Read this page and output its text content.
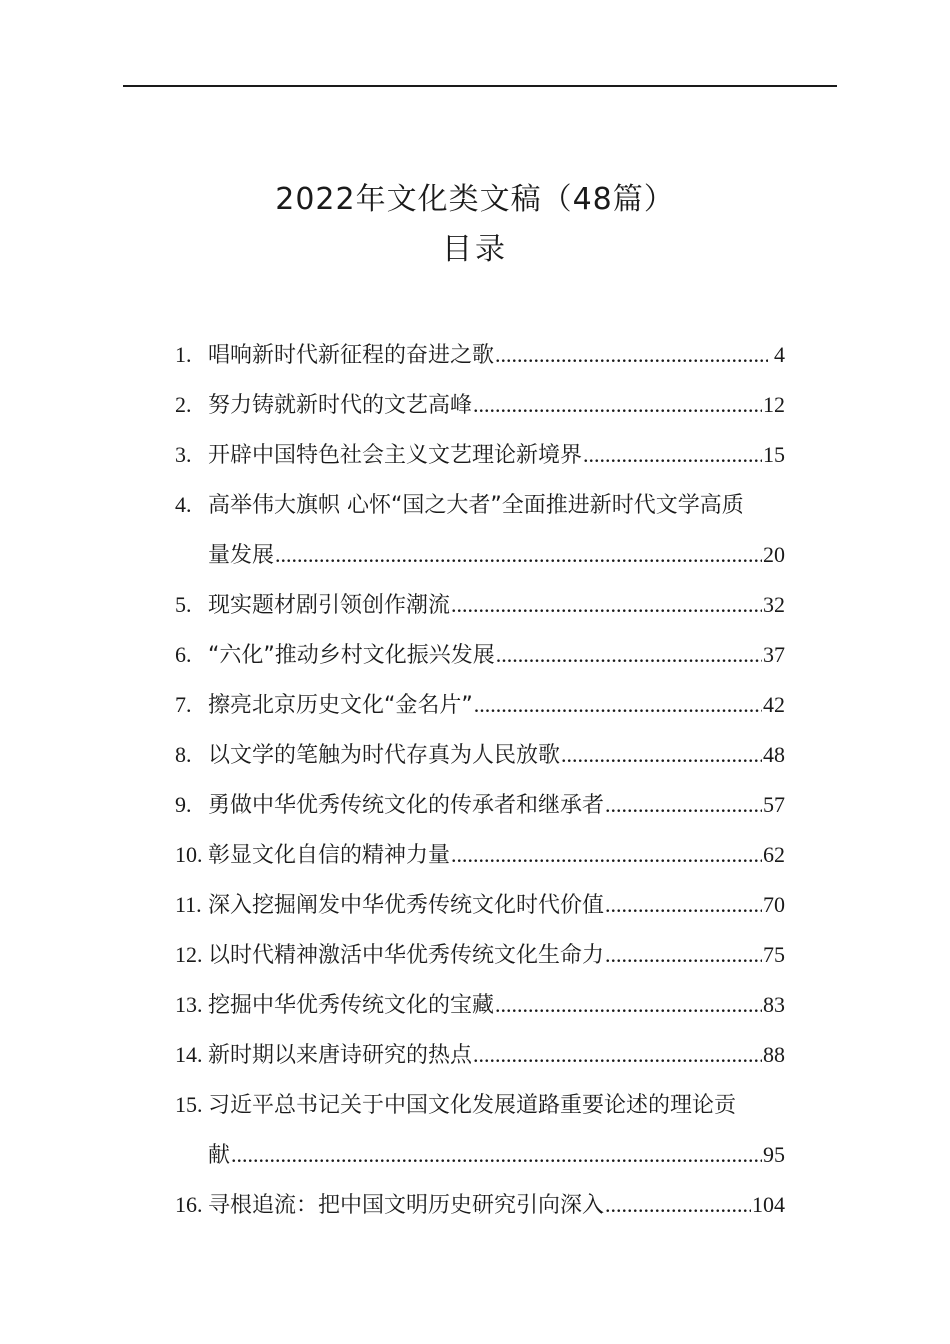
2022年文化类文稿（48篇）
目录
1. 唱响新时代新征程的奋进之歌 .....	4
2. 努力铸就新时代的文艺高峰 .....	12
3. 开辟中国特色社会主义文艺理论新境界 .....	15
4. 高举伟大旗帜 心怀“国之大者”全面推进新时代文学高质
量发展 .....	20
5. 现实题材剧引领创作潮流 .....	32
6. “六化”推动乡村文化振兴发展 .....	37
7. 擦亮北京历史文化“金名片” .....	42
8. 以文学的笔触为时代存真为人民放歌 .....	48
9. 勇做中华优秀传统文化的传承者和继承者 .....	57
10. 彰显文化自信的精神力量 .....	62
11. 深入挖掘阐发中华优秀传统文化时代价值 .....	70
12. 以时代精神激活中华优秀传统文化生命力 .....	75
13. 挖掘中华优秀传统文化的宝藏 .....	83
14. 新时期以来唐诗研究的热点 .....	88
15. 习近平总书记关于中国文化发展道路重要论述的理论贡
献 .....	95
16. 寻根追流：把中国文明历史研究引向深入 .....	104
